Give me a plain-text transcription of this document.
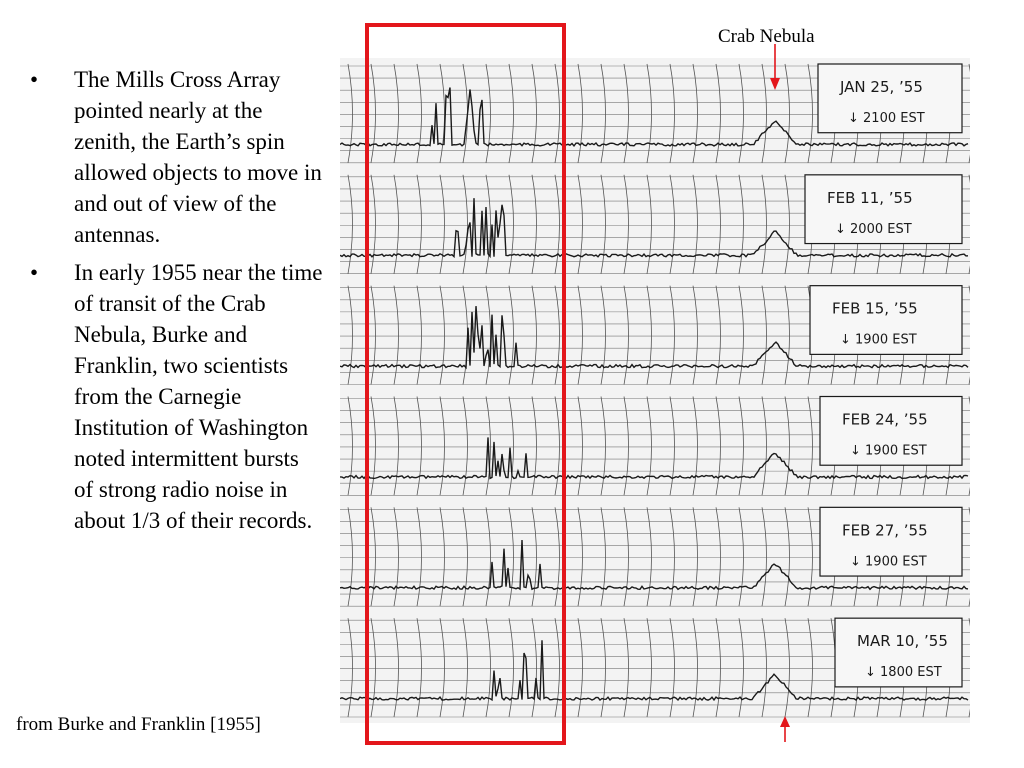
• The Mills Cross Array pointed nearly at the zenith, the Earth’s spin allowed objects to move in and out of view of the antennas.
• In early 1955 near the time of transit of the Crab Nebula, Burke and Franklin, two scientists from the Carnegie Institution of Washington noted intermittent bursts of strong radio noise in about 1/3 of their records.
from Burke and Franklin [1955]
Crab Nebula
JAN 25, ’55
↓ 2100 EST
FEB 11, ’55
↓ 2000 EST
FEB 15, ’55
↓ 1900 EST
FEB 24, ’55
↓ 1900 EST
FEB 27, ’55
↓ 1900 EST
MAR 10, ’55
↓ 1800 EST
